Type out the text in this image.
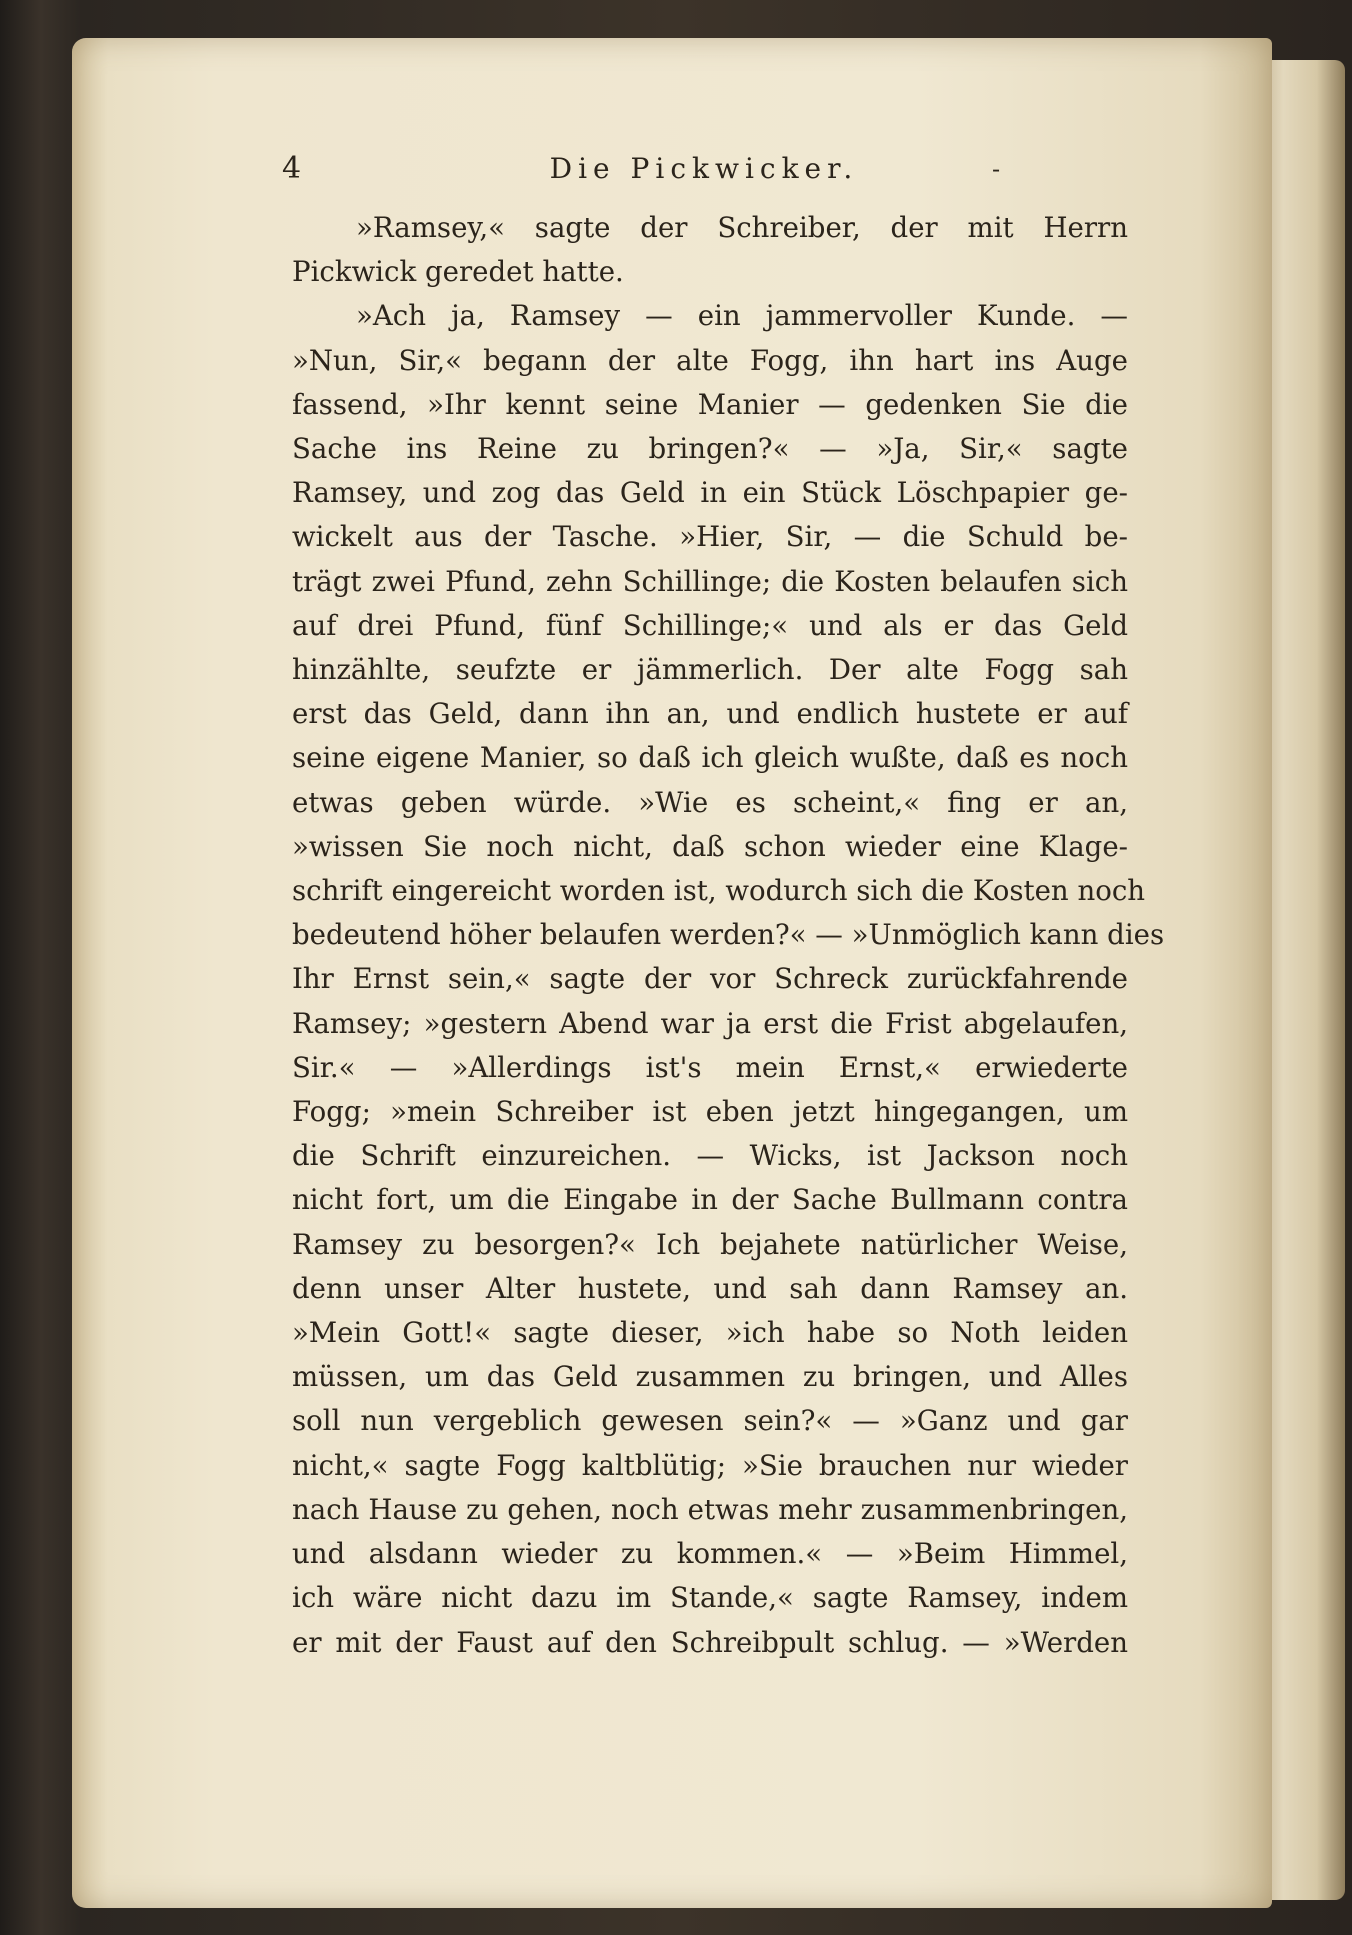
4	Die Pickwicker.	-
»Ramsey,« sagte der Schreiber, der mit Herrn
Pickwick geredet hatte.
»Ach ja, Ramsey — ein jammervoller Kunde. —
»Nun, Sir,« begann der alte Fogg, ihn hart ins Auge
fassend, »Ihr kennt seine Manier — gedenken Sie die
Sache ins Reine zu bringen?« — »Ja, Sir,« sagte
Ramsey, und zog das Geld in ein Stück Löschpapier ge-
wickelt aus der Tasche. »Hier, Sir, — die Schuld be-
trägt zwei Pfund, zehn Schillinge; die Kosten belaufen sich
auf drei Pfund, fünf Schillinge;« und als er das Geld
hinzählte, seufzte er jämmerlich. Der alte Fogg sah
erst das Geld, dann ihn an, und endlich hustete er auf
seine eigene Manier, so daß ich gleich wußte, daß es noch
etwas geben würde. »Wie es scheint,« fing er an,
»wissen Sie noch nicht, daß schon wieder eine Klage-
schrift eingereicht worden ist, wodurch sich die Kosten noch
bedeutend höher belaufen werden?« — »Unmöglich kann dies
Ihr Ernst sein,« sagte der vor Schreck zurückfahrende
Ramsey; »gestern Abend war ja erst die Frist abgelaufen,
Sir.« — »Allerdings ist's mein Ernst,« erwiederte
Fogg; »mein Schreiber ist eben jetzt hingegangen, um
die Schrift einzureichen. — Wicks, ist Jackson noch
nicht fort, um die Eingabe in der Sache Bullmann contra
Ramsey zu besorgen?« Ich bejahete natürlicher Weise,
denn unser Alter hustete, und sah dann Ramsey an.
»Mein Gott!« sagte dieser, »ich habe so Noth leiden
müssen, um das Geld zusammen zu bringen, und Alles
soll nun vergeblich gewesen sein?« — »Ganz und gar
nicht,« sagte Fogg kaltblütig; »Sie brauchen nur wieder
nach Hause zu gehen, noch etwas mehr zusammenbringen,
und alsdann wieder zu kommen.« — »Beim Himmel,
ich wäre nicht dazu im Stande,« sagte Ramsey, indem
er mit der Faust auf den Schreibpult schlug. — »Werden
